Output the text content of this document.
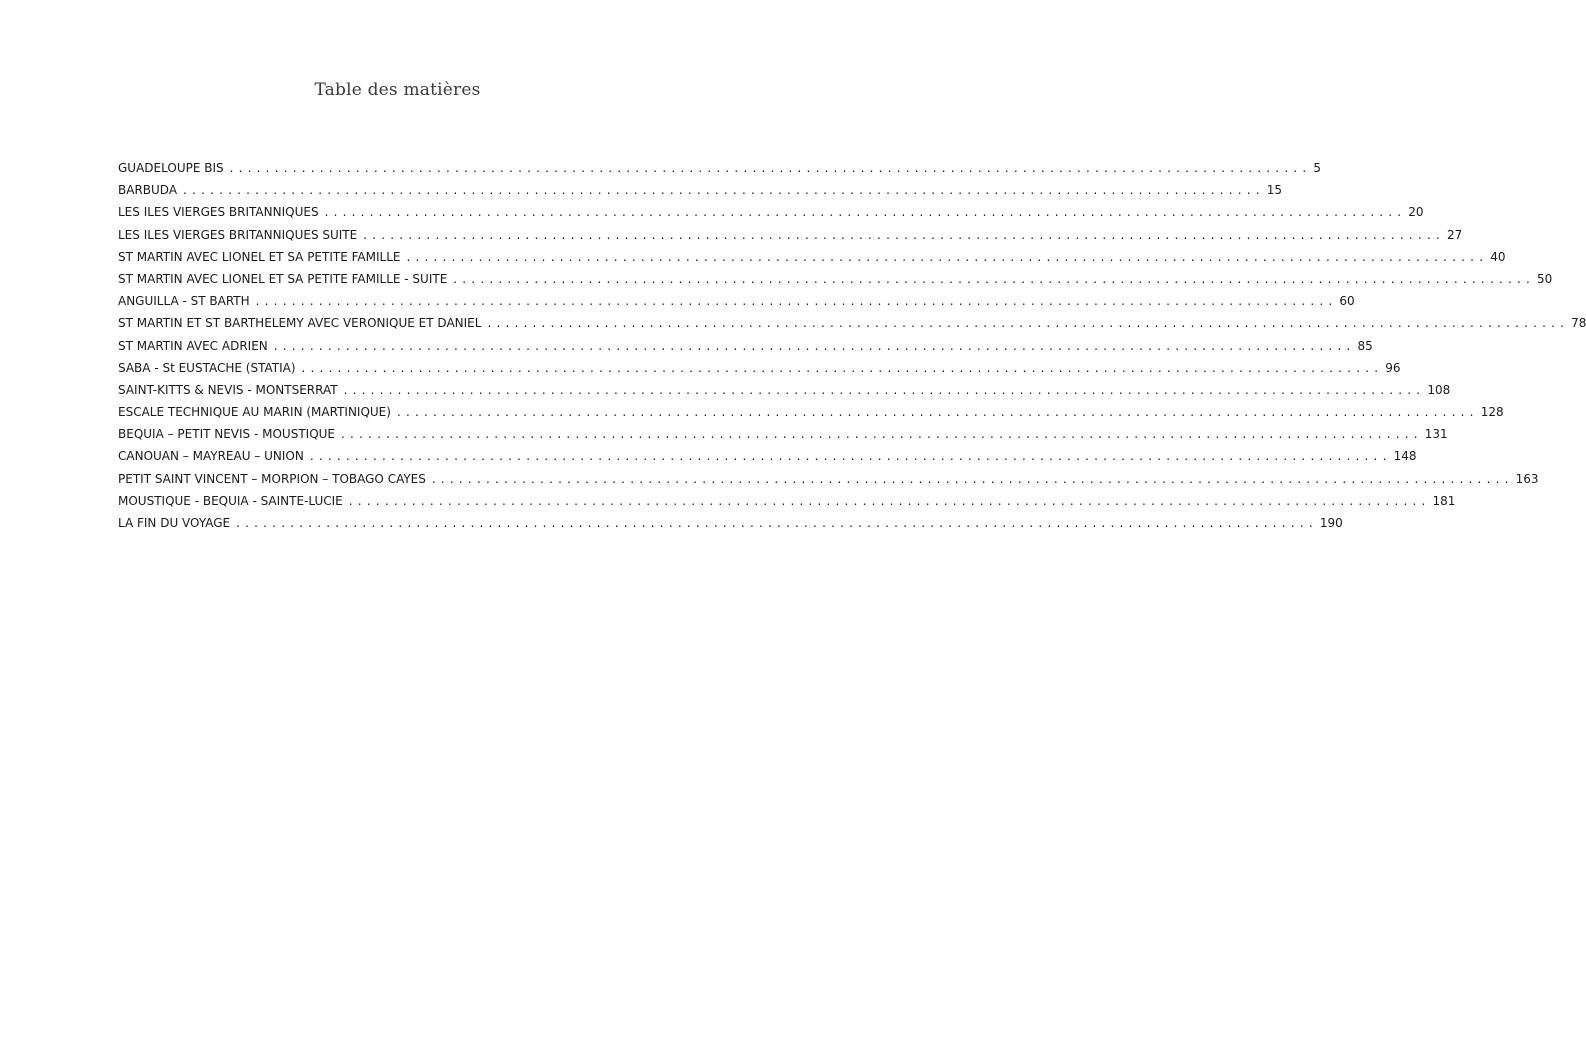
Table des matières
GUADELOUPE BIS ........................................................................................................................ 5
BARBUDA ........................................................................................................................ 15
LES ILES VIERGES BRITANNIQUES ........................................................................................................................ 20
LES ILES VIERGES BRITANNIQUES SUITE ........................................................................................................................ 27
ST MARTIN AVEC LIONEL ET SA PETITE FAMILLE ........................................................................................................................ 40
ST MARTIN AVEC LIONEL ET SA PETITE FAMILLE - SUITE ........................................................................................................................ 50
ANGUILLA - ST BARTH ........................................................................................................................ 60
ST MARTIN ET ST BARTHELEMY AVEC VERONIQUE ET DANIEL ........................................................................................................................ 78
ST MARTIN AVEC ADRIEN ........................................................................................................................ 85
SABA - St EUSTACHE (STATIA) ........................................................................................................................ 96
SAINT-KITTS & NEVIS - MONTSERRAT ........................................................................................................................ 108
ESCALE TECHNIQUE AU MARIN (MARTINIQUE) ........................................................................................................................ 128
BEQUIA – PETIT NEVIS - MOUSTIQUE ........................................................................................................................ 131
CANOUAN – MAYREAU – UNION ........................................................................................................................ 148
PETIT SAINT VINCENT – MORPION – TOBAGO CAYES ........................................................................................................................ 163
MOUSTIQUE - BEQUIA - SAINTE-LUCIE ........................................................................................................................ 181
LA FIN DU VOYAGE ........................................................................................................................ 190
